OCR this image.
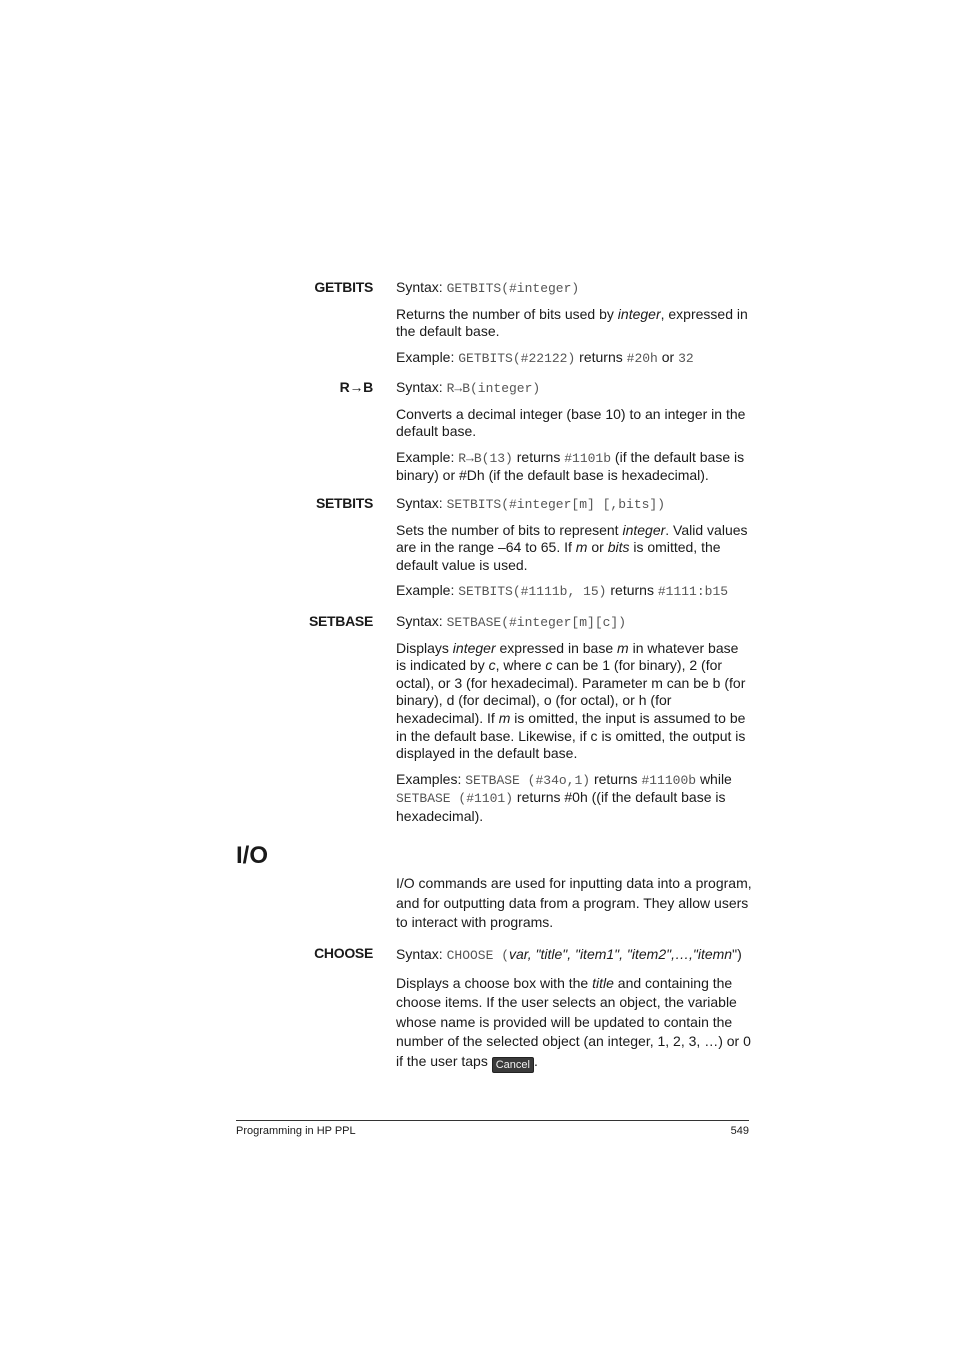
GETBITS Syntax: GETBITS(#integer)

Returns the number of bits used by integer, expressed in the default base.

Example: GETBITS(#22122) returns #20h or 32

R→B Syntax: R→B(integer)

Converts a decimal integer (base 10) to an integer in the default base.

Example: R→B(13) returns #1101b (if the default base is binary) or #Dh (if the default base is hexadecimal).

SETBITS Syntax: SETBITS(#integer[m] [,bits])

Sets the number of bits to represent integer. Valid values are in the range –64 to 65. If m or bits is omitted, the default value is used.

Example: SETBITS(#1111b, 15) returns #1111:b15

SETBASE Syntax: SETBASE(#integer[m][c])

Displays integer expressed in base m in whatever base is indicated by c, where c can be 1 (for binary), 2 (for octal), or 3 (for hexadecimal). Parameter m can be b (for binary), d (for decimal), o (for octal), or h (for hexadecimal). If m is omitted, the input is assumed to be in the default base. Likewise, if c is omitted, the output is displayed in the default base.

Examples: SETBASE (#34o,1) returns #11100b while SETBASE (#1101) returns #0h ((if the default base is hexadecimal).

I/O
I/O commands are used for inputting data into a program, and for outputting data from a program. They allow users to interact with programs.
CHOOSE Syntax: CHOOSE (var, "title", "item1", "item2",…,"itemn")

Displays a choose box with the title and containing the choose items. If the user selects an object, the variable whose name is provided will be updated to contain the number of the selected object (an integer, 1, 2, 3, …) or 0 if the user taps Cancel .

Programming in HP PPL	549
